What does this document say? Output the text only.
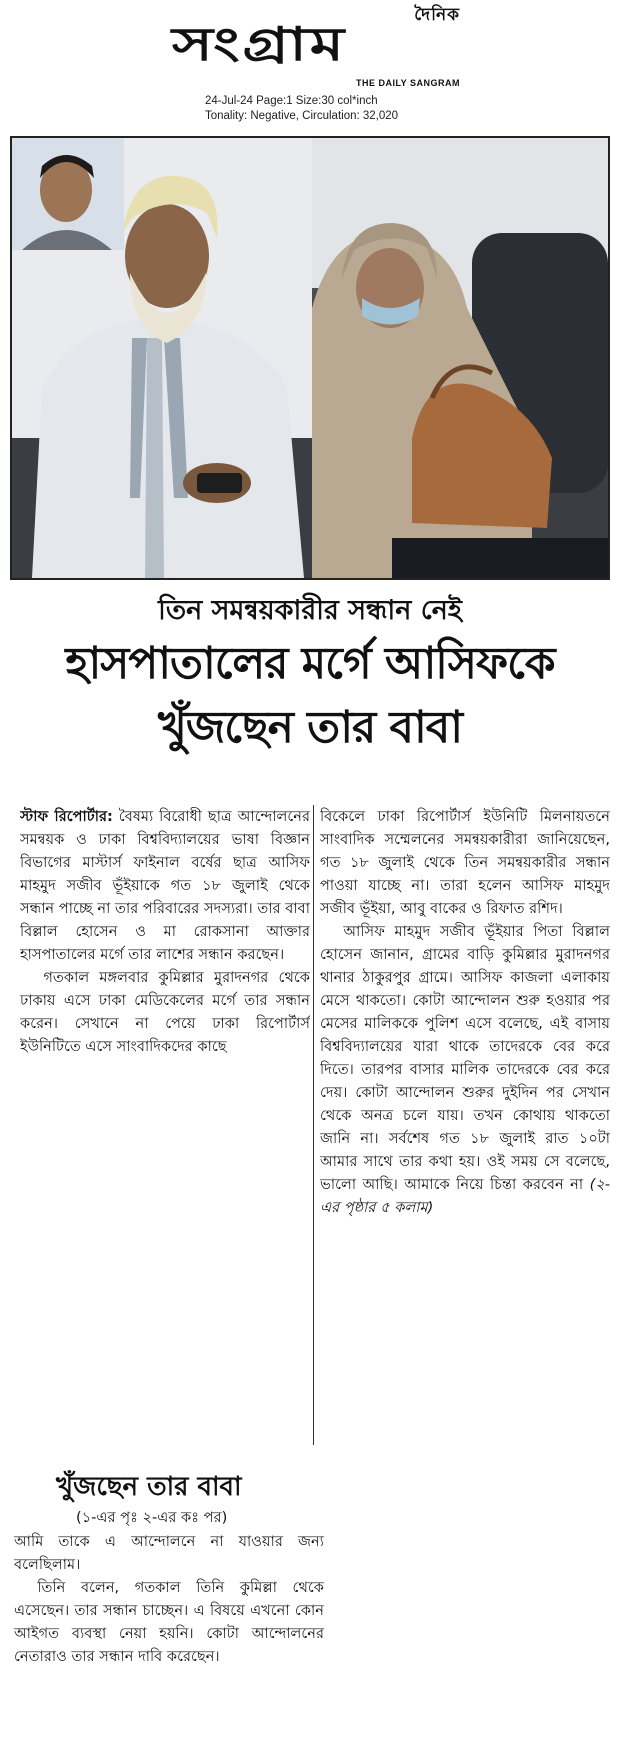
দৈনিক
সংগ্রাম
THE DAILY SANGRAM
24-Jul-24 Page:1 Size:30 col*inch
Tonality: Negative, Circulation: 32,020
তিন সমন্বয়কারীর সন্ধান নেই
হাসপাতালের মর্গে আসিফকে
খুঁজছেন তার বাবা

স্টাফ রিপোর্টার: বৈষম্য বিরোধী ছাত্র আন্দোলনের সমন্বয়ক ও ঢাকা বিশ্ববিদ্যালয়ের ভাষা বিজ্ঞান বিভাগের মাস্টার্স ফাইনাল বর্ষের ছাত্র আসিফ মাহমুদ সজীব ভূঁইয়াকে গত ১৮ জুলাই থেকে সন্ধান পাচ্ছে না তার পরিবারের সদস্যরা। তার বাবা বিল্লাল হোসেন ও মা রোকসানা আক্তার হাসপাতালের মর্গে তার লাশের সন্ধান করছেন।

গতকাল মঙ্গলবার কুমিল্লার মুরাদনগর থেকে ঢাকায় এসে ঢাকা মেডিকেলের মর্গে তার সন্ধান করেন। সেখানে না পেয়ে ঢাকা রিপোর্টার্স ইউনিটিতে এসে সাংবাদিকদের কাছে

বিকেলে ঢাকা রিপোর্টার্স ইউনিটি মিলনায়তনে সাংবাদিক সম্মেলনের সমন্বয়কারীরা জানিয়েছেন, গত ১৮ জুলাই থেকে তিন সমন্বয়কারীর সন্ধান পাওয়া যাচ্ছে না। তারা হলেন আসিফ মাহমুদ সজীব ভূঁইয়া, আবু বাকের ও রিফাত রশিদ।

আসিফ মাহমুদ সজীব ভূঁইয়ার পিতা বিল্লাল হোসেন জানান, গ্রামের বাড়ি কুমিল্লার মুরাদনগর থানার ঠাকুরপুর গ্রামে। আসিফ কাজলা এলাকায় মেসে থাকতো। কোটা আন্দোলন শুরু হওয়ার পর মেসের মালিককে পুলিশ এসে বলেছে, এই বাসায় বিশ্ববিদ্যালয়ের যারা থাকে তাদেরকে বের করে দিতে। তারপর বাসার মালিক তাদেরকে বের করে দেয়। কোটা আন্দোলন শুরুর দুইদিন পর সেখান থেকে অনত্র চলে যায়। তখন কোথায় থাকতো জানি না। সর্বশেষ গত ১৮ জুলাই রাত ১০টা আমার সাথে তার কথা হয়। ওই সময় সে বলেছে, ভালো আছি। আমাকে নিয়ে চিন্তা করবেন না (২-এর পৃষ্ঠার ৫ কলাম)

খুঁজছেন তার বাবা
(১-এর পৃঃ ২-এর কঃ পর)

আমি তাকে এ আন্দোলনে না যাওয়ার জন্য বলেছিলাম।

তিনি বলেন, গতকাল তিনি কুমিল্লা থেকে এসেছেন। তার সন্ধান চাচ্ছেন। এ বিষয়ে এখনো কোন আইগত ব্যবস্থা নেয়া হয়নি। কোটা আন্দোলনের নেতারাও তার সন্ধান দাবি করেছেন।
